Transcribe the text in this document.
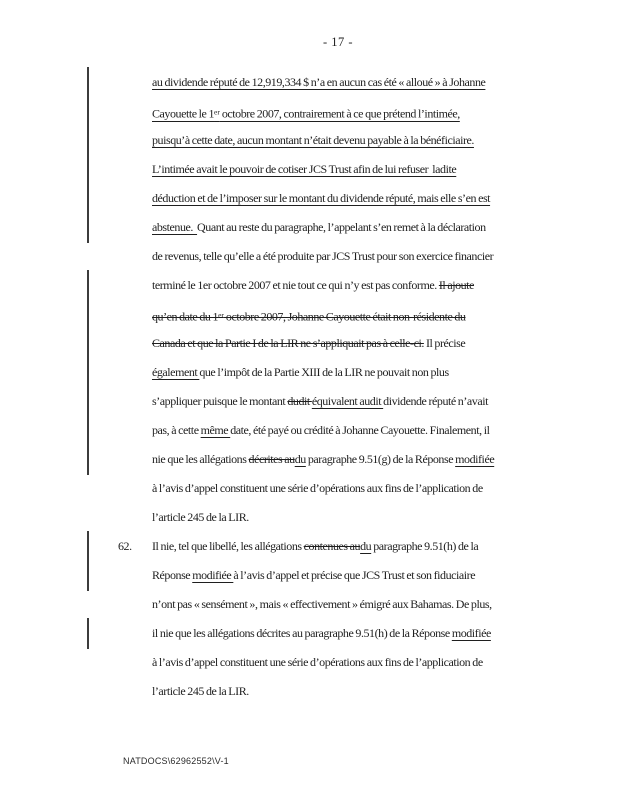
- 17 -
au dividende réputé de 12,919,334 $ n’a en aucun cas été « alloué » à Johanne
Cayouette le 1er octobre 2007, contrairement à ce que prétend l’intimée,
puisqu’à cette date, aucun montant n’était devenu payable à la bénéficiaire.
L’intimée avait le pouvoir de cotiser JCS Trust afin de lui refuser  ladite
déduction et de l’imposer sur le montant du dividende réputé, mais elle s’en est
abstenue.  Quant au reste du paragraphe, l’appelant s’en remet à la déclaration
de revenus, telle qu’elle a été produite par JCS Trust pour son exercice financier
terminé le 1er octobre 2007 et nie tout ce qui n’y est pas conforme. Il ajoute
qu’en date du 1er octobre 2007, Johanne Cayouette était non-résidente du
Canada et que la Partie I de la LIR ne s’appliquait pas à celle-ci. Il précise
également que l’impôt de la Partie XIII de la LIR ne pouvait non plus
s’appliquer puisque le montant dudit équivalent audit dividende réputé n’avait
pas, à cette même date, été payé ou crédité à Johanne Cayouette. Finalement, il
nie que les allégations décrites audu paragraphe 9.51(g) de la Réponse modifiée
à l’avis d’appel constituent une série d’opérations aux fins de l’application de
l’article 245 de la LIR.
62. Il nie, tel que libellé, les allégations contenues audu paragraphe 9.51(h) de la
Réponse modifiée à l’avis d’appel et précise que JCS Trust et son fiduciaire
n’ont pas « sensément », mais « effectivement » émigré aux Bahamas. De plus,
il nie que les allégations décrites au paragraphe 9.51(h) de la Réponse modifiée
à l’avis d’appel constituent une série d’opérations aux fins de l’application de
l’article 245 de la LIR.
NATDOCS\62962552\V-1
